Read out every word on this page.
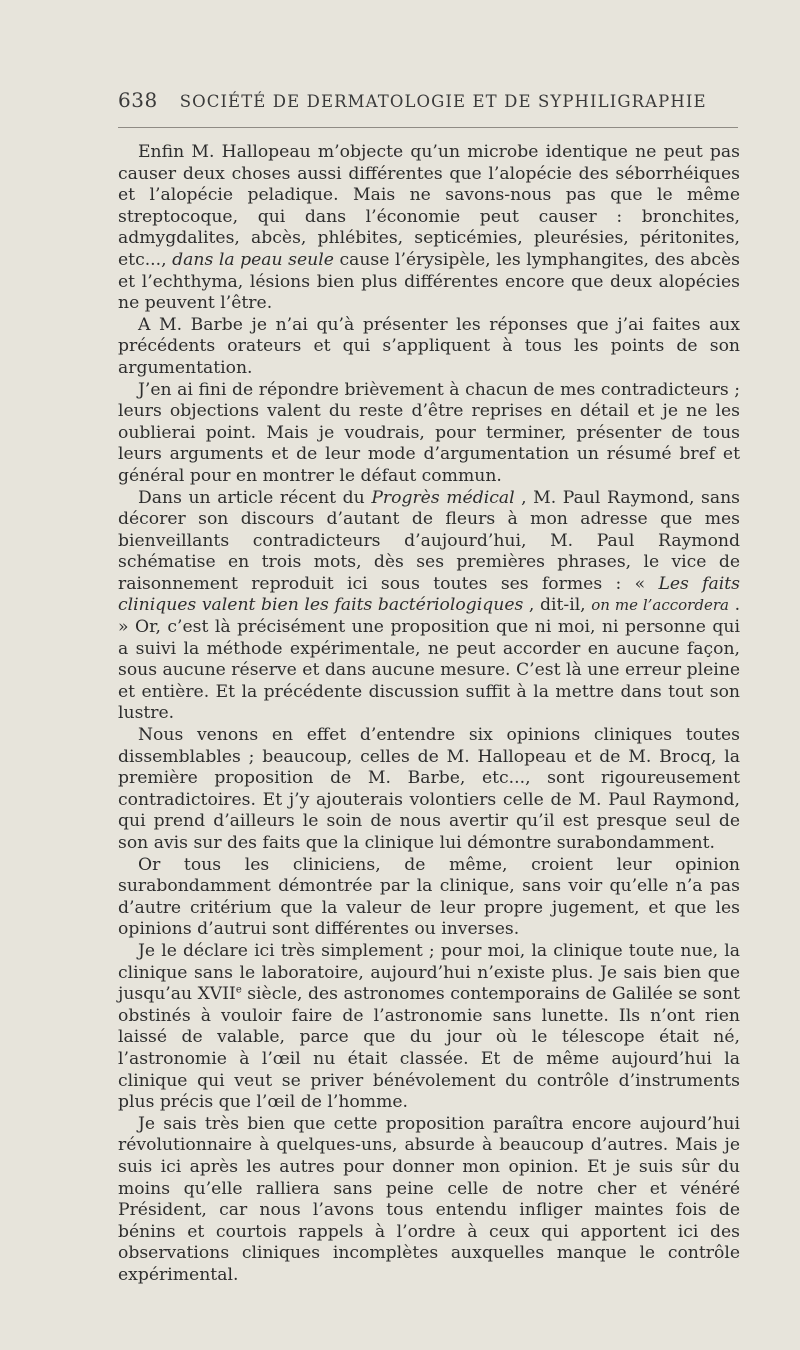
638 SOCIÉTÉ DE DERMATOLOGIE ET DE SYPHILIGRAPHIE

Enfin M. Hallopeau m’objecte qu’un microbe identique ne peut pas causer deux choses aussi différentes que l’alopécie des séborrhéiques et l’alopécie peladique. Mais ne savons-nous pas que le même streptocoque, qui dans l’économie peut causer : bronchites, admygdalites, abcès, phlébites, septicémies, pleurésies, péritonites, etc..., dans la peau seule cause l’érysipèle, les lymphangites, des abcès et l’echthyma, lésions bien plus différentes encore que deux alopécies ne peuvent l’être.

A M. Barbe je n’ai qu’à présenter les réponses que j’ai faites aux précédents orateurs et qui s’appliquent à tous les points de son argumentation.

J’en ai fini de répondre brièvement à chacun de mes contradicteurs ; leurs objections valent du reste d’être reprises en détail et je ne les oublierai point. Mais je voudrais, pour terminer, présenter de tous leurs arguments et de leur mode d’argumentation un résumé bref et général pour en montrer le défaut commun.

Dans un article récent du Progrès médical , M. Paul Raymond, sans décorer son discours d’autant de fleurs à mon adresse que mes bienveillants contradicteurs d’aujourd’hui, M. Paul Raymond schématise en trois mots, dès ses premières phrases, le vice de raisonnement reproduit ici sous toutes ses formes : « Les faits cliniques valent bien les faits bactériologiques , dit-il, on me l’accordera . » Or, c’est là précisément une proposition que ni moi, ni personne qui a suivi la méthode expérimentale, ne peut accorder en aucune façon, sous aucune réserve et dans aucune mesure. C’est là une erreur pleine et entière. Et la précédente discussion suffit à la mettre dans tout son lustre.

Nous venons en effet d’entendre six opinions cliniques toutes dissemblables ; beaucoup, celles de M. Hallopeau et de M. Brocq, la première proposition de M. Barbe, etc..., sont rigoureusement contradictoires. Et j’y ajouterais volontiers celle de M. Paul Raymond, qui prend d’ailleurs le soin de nous avertir qu’il est presque seul de son avis sur des faits que la clinique lui démontre surabondamment.

Or tous les cliniciens, de même, croient leur opinion surabondamment démontrée par la clinique, sans voir qu’elle n’a pas d’autre critérium que la valeur de leur propre jugement, et que les opinions d’autrui sont différentes ou inverses.

Je le déclare ici très simplement ; pour moi, la clinique toute nue, la clinique sans le laboratoire, aujourd’hui n’existe plus. Je sais bien que jusqu’au XVIIe siècle, des astronomes contemporains de Galilée se sont obstinés à vouloir faire de l’astronomie sans lunette. Ils n’ont rien laissé de valable, parce que du jour où le télescope était né, l’astronomie à l’œil nu était classée. Et de même aujourd’hui la clinique qui veut se priver bénévolement du contrôle d’instruments plus précis que l’œil de l’homme.

Je sais très bien que cette proposition paraîtra encore aujourd’hui révolutionnaire à quelques-uns, absurde à beaucoup d’autres. Mais je suis ici après les autres pour donner mon opinion. Et je suis sûr du moins qu’elle ralliera sans peine celle de notre cher et vénéré Président, car nous l’avons tous entendu infliger maintes fois de bénins et courtois rappels à l’ordre à ceux qui apportent ici des observations cliniques incomplètes auxquelles manque le contrôle expérimental.
